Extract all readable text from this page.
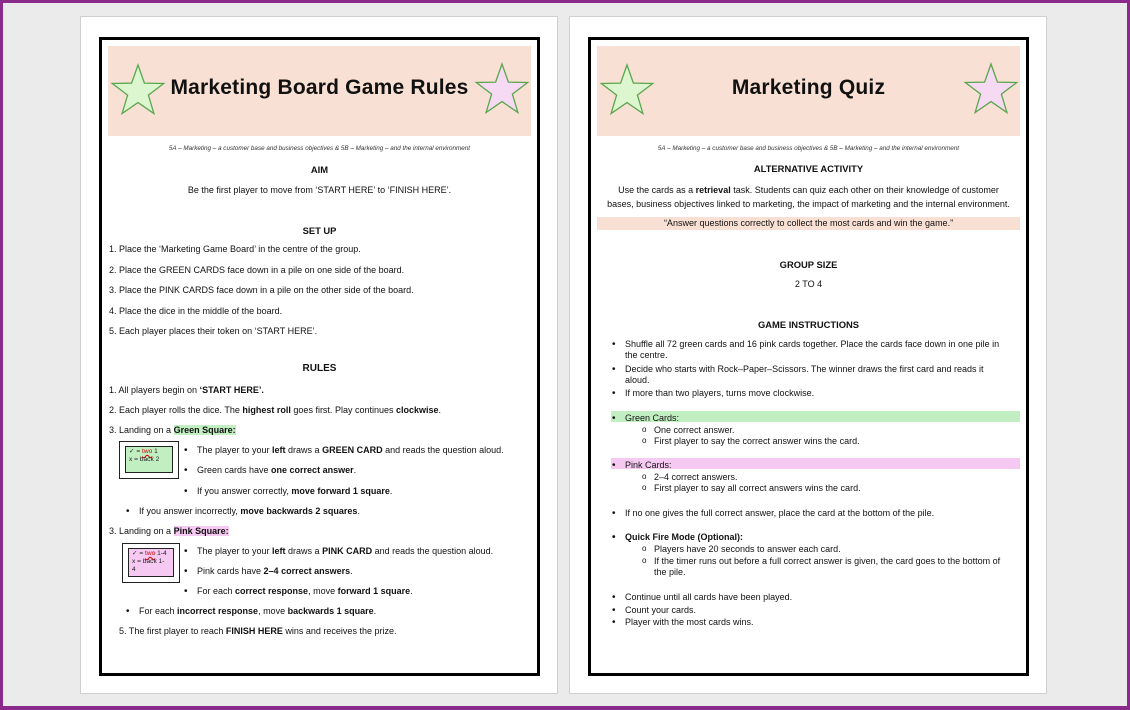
Marketing Board Game Rules
5A – Marketing – a customer base and business objectives & 5B – Marketing – and the internal environment
AIM
Be the first player to move from ‘START HERE’ to ‘FINISH HERE’.
SET UP
1. Place the ‘Marketing Game Board’ in the centre of the group.
2. Place the GREEN CARDS face down in a pile on one side of the board.
3. Place the PINK CARDS face down in a pile on the other side of the board.
4. Place the dice in the middle of the board.
5. Each player places their token on ‘START HERE’.
RULES
1. All players begin on ‘START HERE’.
2. Each player rolls the dice. The highest roll goes first. Play continues clockwise.
3. Landing on a Green Square:
✓ = two 1
x = back 2
• The player to your left draws a GREEN CARD and reads the question aloud.
• Green cards have one correct answer.
• If you answer correctly, move forward 1 square.
• If you answer incorrectly, move backwards 2 squares.
3. Landing on a Pink Square:
✓ = two 1-4
x = back 1-
4
• The player to your left draws a PINK CARD and reads the question aloud.
• Pink cards have 2–4 correct answers.
• For each correct response, move forward 1 square.
• For each incorrect response, move backwards 1 square.
5. The first player to reach FINISH HERE wins and receives the prize.
Marketing Quiz
5A – Marketing – a customer base and business objectives & 5B – Marketing – and the internal environment
ALTERNATIVE ACTIVITY
Use the cards as a retrieval task. Students can quiz each other on their knowledge of customer
bases, business objectives linked to marketing, the impact of marketing and the internal environment.
“Answer questions correctly to collect the most cards and win the game.”
GROUP SIZE
2 TO 4
GAME INSTRUCTIONS
• Shuffle all 72 green cards and 16 pink cards together. Place the cards face down in one pile in
the centre.
• Decide who starts with Rock–Paper–Scissors. The winner draws the first card and reads it
aloud.
• If more than two players, turns move clockwise.
• Green Cards:
o One correct answer.
o First player to say the correct answer wins the card.
• Pink Cards:
o 2–4 correct answers.
o First player to say all correct answers wins the card.
• If no one gives the full correct answer, place the card at the bottom of the pile.
• Quick Fire Mode (Optional):
o Players have 20 seconds to answer each card.
o If the timer runs out before a full correct answer is given, the card goes to the bottom of
the pile.
• Continue until all cards have been played.
• Count your cards.
• Player with the most cards wins.
